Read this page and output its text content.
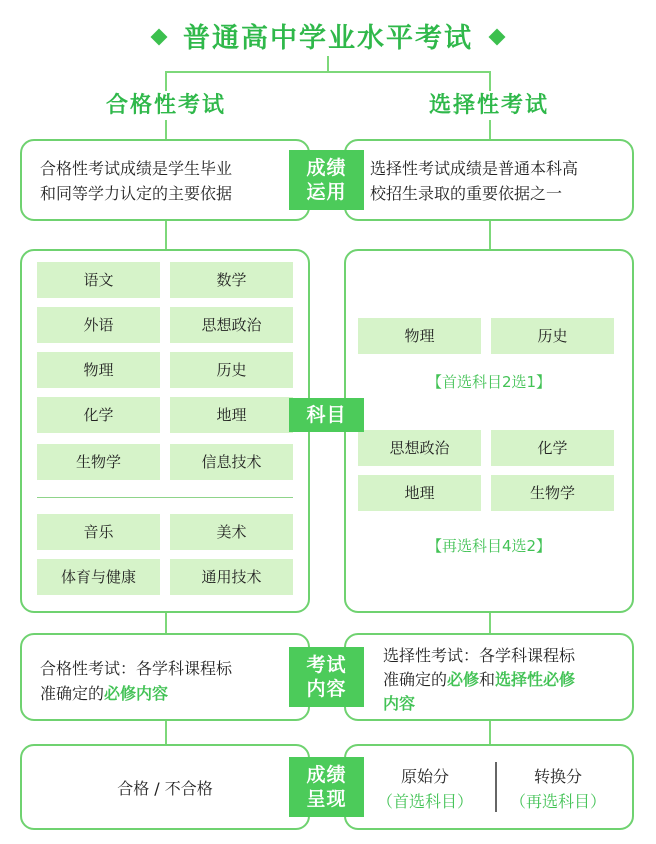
普通高中学业水平考试
合格性考试	选择性考试
合格性考试成绩是学生毕业
和同等学力认定的主要依据
选择性考试成绩是普通本科高
校招生录取的重要依据之一
成绩
运用
语文	数学
外语	思想政治
物理	历史
化学	地理
生物学	信息技术
音乐	美术
体育与健康	通用技术
物理	历史
【首选科目2选1】
思想政治	化学
地理	生物学
【再选科目4选2】
科目
合格性考试：各学科课程标
准确定的必修内容
选择性考试：各学科课程标
准确定的必修和选择性必修
内容
考试
内容
合格 / 不合格
原始分
（首选科目）
转换分
（再选科目）
成绩
呈现
